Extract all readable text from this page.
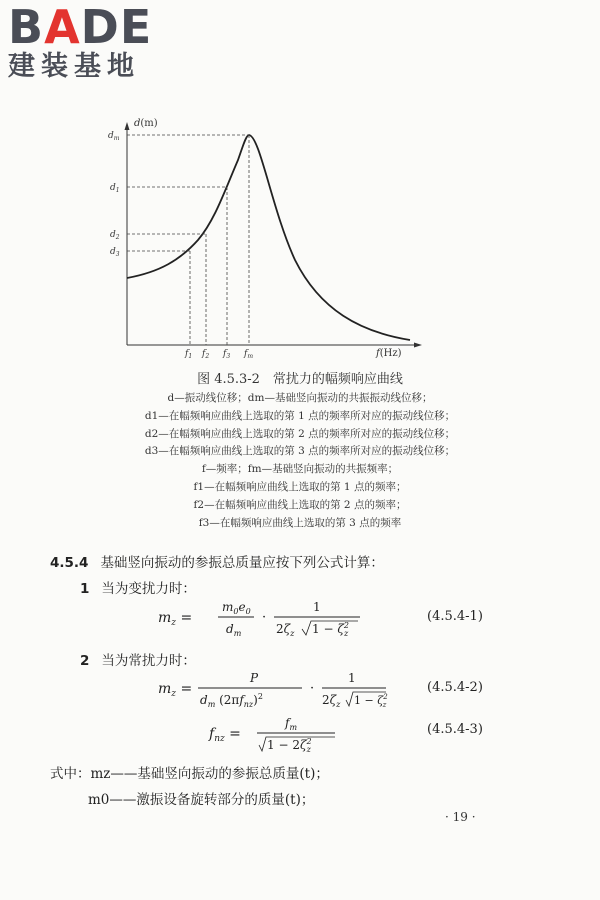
BADE
建装基地
d(m)
$d_m$
$d_1$
$d_2$
$d_3$
$f_1$ $f_2$ $f_3$ $f_m$	f(Hz)
图 4.5.3-2　常扰力的幅频响应曲线
d—振动线位移；dm—基础竖向振动的共振振动线位移；
d1—在幅频响应曲线上选取的第 1 点的频率所对应的振动线位移；
d2—在幅频响应曲线上选取的第 2 点的频率所对应的振动线位移；
d3—在幅频响应曲线上选取的第 3 点的频率所对应的振动线位移；
f—频率；fm—基础竖向振动的共振频率；
f1—在幅频响应曲线上选取的第 1 点的频率；
f2—在幅频响应曲线上选取的第 2 点的频率；
f3—在幅频响应曲线上选取的第 3 点的频率
4.5.4 基础竖向振动的参振总质量应按下列公式计算：
1 当为变扰力时：
$m_z$ =
$m_0e_0$
$d_m$
·
1
$2\zeta_z$ $1 - \zeta^2$ z
(4.5.4-1)
2 当为常扰力时：
$m_z$ =
P
$d_m$ $(2\pi f_{nz})^2$
·
1
$2\zeta_z$ $1 - \zeta^2$ z
(4.5.4-2)
$f_{nz}$ =
$f_m$
$1 - 2\zeta^2$ z
(4.5.4-3)
式中：mz——基础竖向振动的参振总质量(t)；
m0——激振设备旋转部分的质量(t)；
· 19 ·
